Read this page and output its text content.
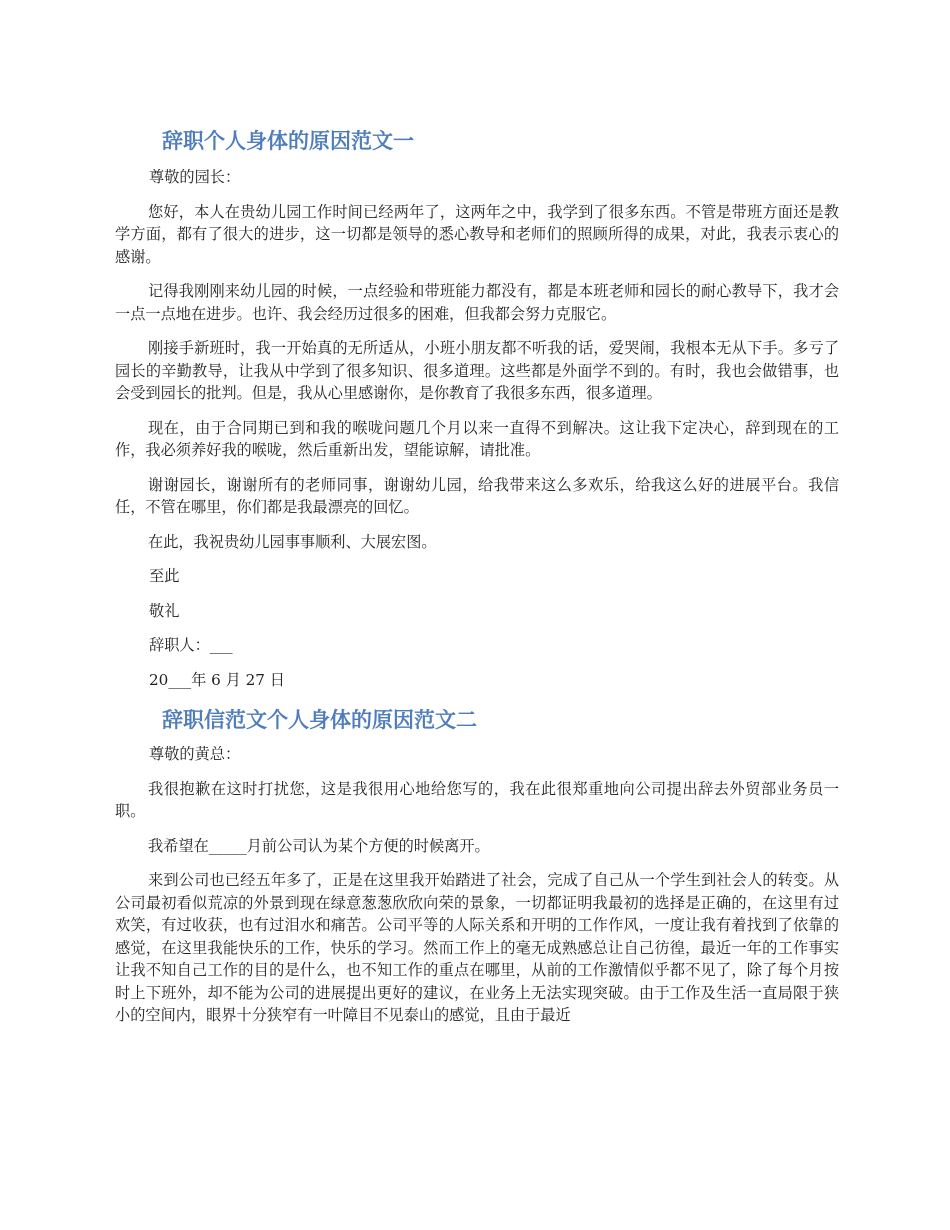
辞职个人身体的原因范文一

尊敬的园长：

您好，本人在贵幼儿园工作时间已经两年了，这两年之中，我学到了很多东西。不管是带班方面还是教学方面，都有了很大的进步，这一切都是领导的悉心教导和老师们的照顾所得的成果，对此，我表示衷心的感谢。

记得我刚刚来幼儿园的时候，一点经验和带班能力都没有，都是本班老师和园长的耐心教导下，我才会一点一点地在进步。也许、我会经历过很多的困难，但我都会努力克服它。

刚接手新班时，我一开始真的无所适从，小班小朋友都不听我的话，爱哭闹，我根本无从下手。多亏了园长的辛勤教导，让我从中学到了很多知识、很多道理。这些都是外面学不到的。有时，我也会做错事，也会受到园长的批判。但是，我从心里感谢你，是你教育了我很多东西，很多道理。

现在，由于合同期已到和我的喉咙问题几个月以来一直得不到解决。这让我下定决心，辞到现在的工作，我必须养好我的喉咙，然后重新出发，望能谅解，请批准。

谢谢园长，谢谢所有的老师同事，谢谢幼儿园，给我带来这么多欢乐，给我这么好的进展平台。我信任，不管在哪里，你们都是我最漂亮的回忆。

在此，我祝贵幼儿园事事顺利、大展宏图。

至此

敬礼

辞职人：___

20___年 6 月 27 日

辞职信范文个人身体的原因范文二

尊敬的黄总：

我很抱歉在这时打扰您，这是我很用心地给您写的，我在此很郑重地向公司提出辞去外贸部业务员一职。

我希望在_____月前公司认为某个方便的时候离开。

来到公司也已经五年多了，正是在这里我开始踏进了社会，完成了自己从一个学生到社会人的转变。从公司最初看似荒凉的外景到现在绿意葱葱欣欣向荣的景象，一切都证明我最初的选择是正确的，在这里有过欢笑，有过收获，也有过泪水和痛苦。公司平等的人际关系和开明的工作作风，一度让我有着找到了依靠的感觉，在这里我能快乐的工作，快乐的学习。然而工作上的毫无成熟感总让自己彷徨，最近一年的工作事实让我不知自己工作的目的是什么，也不知工作的重点在哪里，从前的工作激情似乎都不见了，除了每个月按时上下班外，却不能为公司的进展提出更好的建议，在业务上无法实现突破。由于工作及生活一直局限于狭小的空间内，眼界十分狭窄有一叶障目不见泰山的感觉，且由于最近
